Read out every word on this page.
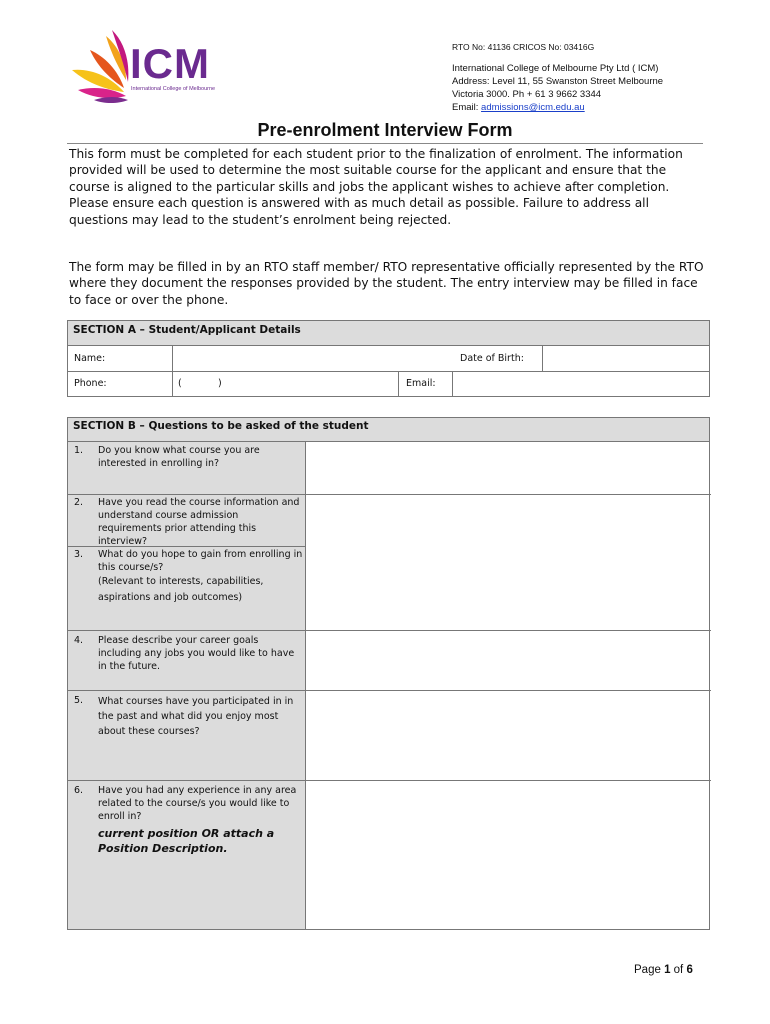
ICM
International College of Melbourne
RTO No: 41136 CRICOS No: 03416G
International College of Melbourne Pty Ltd ( ICM)
Address: Level 11, 55 Swanston Street Melbourne
Victoria 3000. Ph + 61 3 9662 3344
Email: admissions@icm.edu.au
Pre-enrolment Interview Form
This form must be completed for each student prior to the finalization of enrolment. The information provided will be used to determine the most suitable course for the applicant and ensure that the course is aligned to the particular skills and jobs the applicant wishes to achieve after completion.
Please ensure each question is answered with as much detail as possible. Failure to address all questions may lead to the student’s enrolment being rejected.
The form may be filled in by an RTO staff member/ RTO representative officially represented by the RTO where they document the responses provided by the student. The entry interview may be filled in face to face or over the phone.
SECTION A – Student/Applicant Details
Name:	Date of Birth:
Phone:	(            )	Email:
SECTION B – Questions to be asked of the student
1. Do you know what course you are interested in enrolling in?
2. Have you read the course information and understand course admission requirements prior attending this interview?
3. What do you hope to gain from enrolling in this course/s?

(Relevant to interests, capabilities, aspirations and job outcomes)
4. Please describe your career goals including any jobs you would like to have in the future.
5. What courses have you participated in in the past and what did you enjoy most about these courses?
6. Have you had any experience in any area related to the course/s you would like to enroll in?
current position OR attach a Position Description.
Page 1 of 6
